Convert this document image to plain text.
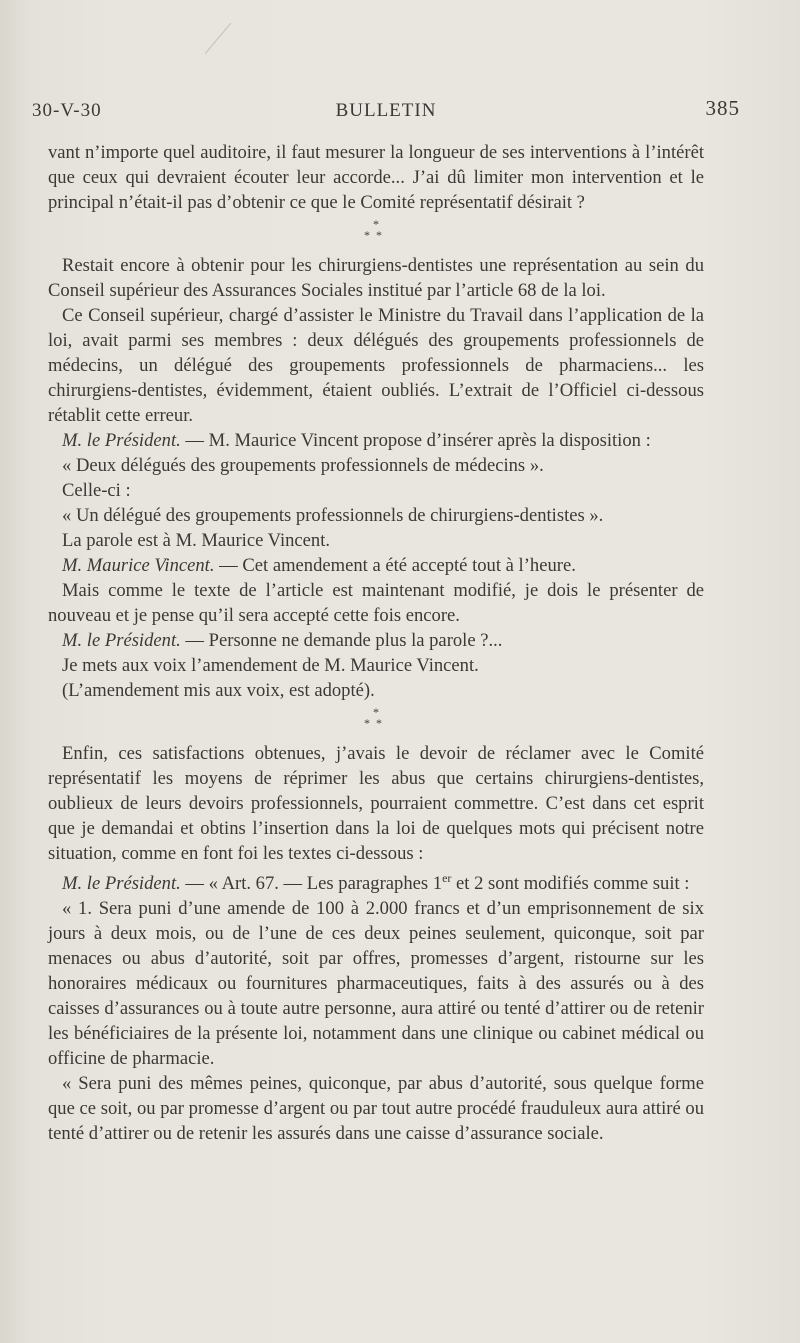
30-V-30	BULLETIN	385

vant n’importe quel auditoire, il faut mesurer la longueur de ses interventions à l’intérêt que ceux qui devraient écouter leur accorde... J’ai dû limiter mon intervention et le principal n’était-il pas d’obtenir ce que le Comité représentatif désirait ?

*
**

Restait encore à obtenir pour les chirurgiens-dentistes une représentation au sein du Conseil supérieur des Assurances Sociales institué par l’article 68 de la loi.

Ce Conseil supérieur, chargé d’assister le Ministre du Travail dans l’application de la loi, avait parmi ses membres : deux délégués des groupements professionnels de médecins, un délégué des groupements professionnels de pharmaciens... les chirurgiens-dentistes, évidemment, étaient oubliés. L’extrait de l’Officiel ci-dessous rétablit cette erreur.

M. le Président. — M. Maurice Vincent propose d’insérer après la disposition :

« Deux délégués des groupements professionnels de médecins ».

Celle-ci :

« Un délégué des groupements professionnels de chirurgiens-dentistes ».

La parole est à M. Maurice Vincent.

M. Maurice Vincent. — Cet amendement a été accepté tout à l’heure.

Mais comme le texte de l’article est maintenant modifié, je dois le présenter de nouveau et je pense qu’il sera accepté cette fois encore.

M. le Président. — Personne ne demande plus la parole ?...

Je mets aux voix l’amendement de M. Maurice Vincent.

(L’amendement mis aux voix, est adopté).

*
**

Enfin, ces satisfactions obtenues, j’avais le devoir de réclamer avec le Comité représentatif les moyens de réprimer les abus que certains chirurgiens-dentistes, oublieux de leurs devoirs professionnels, pourraient commettre. C’est dans cet esprit que je demandai et obtins l’insertion dans la loi de quelques mots qui précisent notre situation, comme en font foi les textes ci-dessous :

M. le Président. — « Art. 67. — Les paragraphes 1er et 2 sont modifiés comme suit :

« 1. Sera puni d’une amende de 100 à 2.000 francs et d’un emprisonnement de six jours à deux mois, ou de l’une de ces deux peines seulement, quiconque, soit par menaces ou abus d’autorité, soit par offres, promesses d’argent, ristourne sur les honoraires médicaux ou fournitures pharmaceutiques, faits à des assurés ou à des caisses d’assurances ou à toute autre personne, aura attiré ou tenté d’attirer ou de retenir les bénéficiaires de la présente loi, notamment dans une clinique ou cabinet médical ou officine de pharmacie.

« Sera puni des mêmes peines, quiconque, par abus d’autorité, sous quelque forme que ce soit, ou par promesse d’argent ou par tout autre procédé frauduleux aura attiré ou tenté d’attirer ou de retenir les assurés dans une caisse d’assurance sociale.
